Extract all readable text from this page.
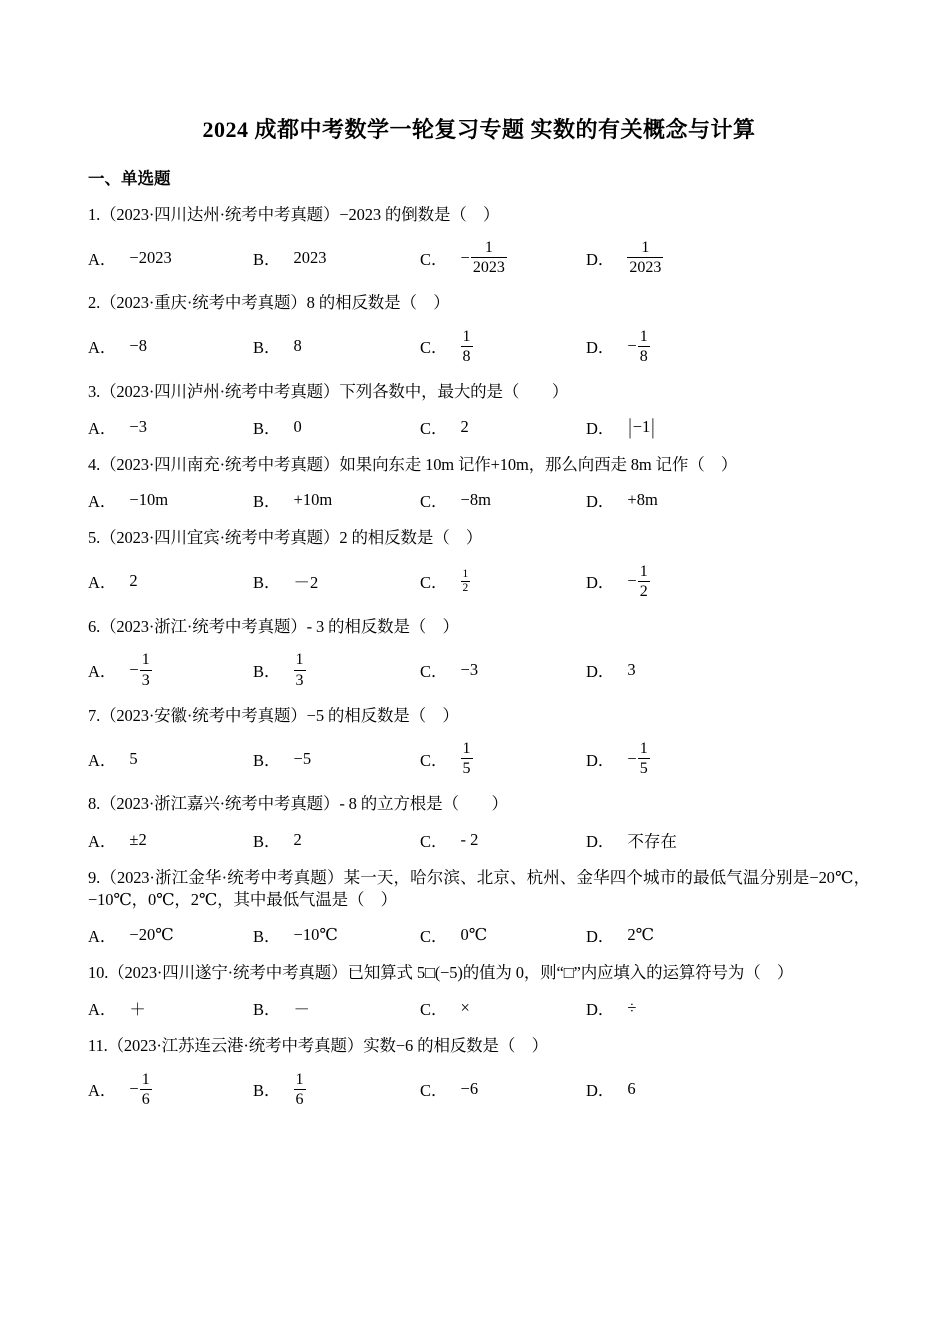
2024 成都中考数学一轮复习专题 实数的有关概念与计算
一、单选题

1.（2023·四川达州·统考中考真题）−2023 的倒数是（　）

A． −2023	B． 2023	C． − $\frac{1}{2023}$	D． $\frac{1}{2023}$

2.（2023·重庆·统考中考真题）8 的相反数是（　）

A． −8	B． 8	C． $\frac{1}{8}$	D． − $\frac{1}{8}$

3.（2023·四川泸州·统考中考真题）下列各数中，最大的是（　　）

A． −3	B． 0	C． 2	D． | −1 |

4.（2023·四川南充·统考中考真题）如果向东走 10m 记作+10m，那么向西走 8m 记作（　）

A． −10m	B． +10m	C． −8m	D． +8m

5.（2023·四川宜宾·统考中考真题）2 的相反数是（　）

A． 2	B． －2	C． $\frac{1}{2}$	D． − $\frac{1}{2}$

6.（2023·浙江·统考中考真题）- 3 的相反数是（　）

A． − $\frac{1}{3}$	B． $\frac{1}{3}$	C． −3	D． 3

7.（2023·安徽·统考中考真题）−5 的相反数是（　）

A． 5	B． −5	C． $\frac{1}{5}$	D． − $\frac{1}{5}$

8.（2023·浙江嘉兴·统考中考真题）- 8 的立方根是（　　）

A． ±2	B． 2	C． - 2	D． 不存在

9.（2023·浙江金华·统考中考真题）某一天，哈尔滨、北京、杭州、金华四个城市的最低气温分别是−20℃，−10℃，0℃，2℃，其中最低气温是（　）

A． −20℃	B． −10℃	C． 0℃	D． 2℃

10.（2023·四川遂宁·统考中考真题）已知算式 5□(−5)的值为 0，则“□”内应填入的运算符号为（　）

A． ＋	B． －	C． ×	D． ÷

11.（2023·江苏连云港·统考中考真题）实数−6 的相反数是（　）

A． − $\frac{1}{6}$	B． $\frac{1}{6}$	C． −6	D． 6
